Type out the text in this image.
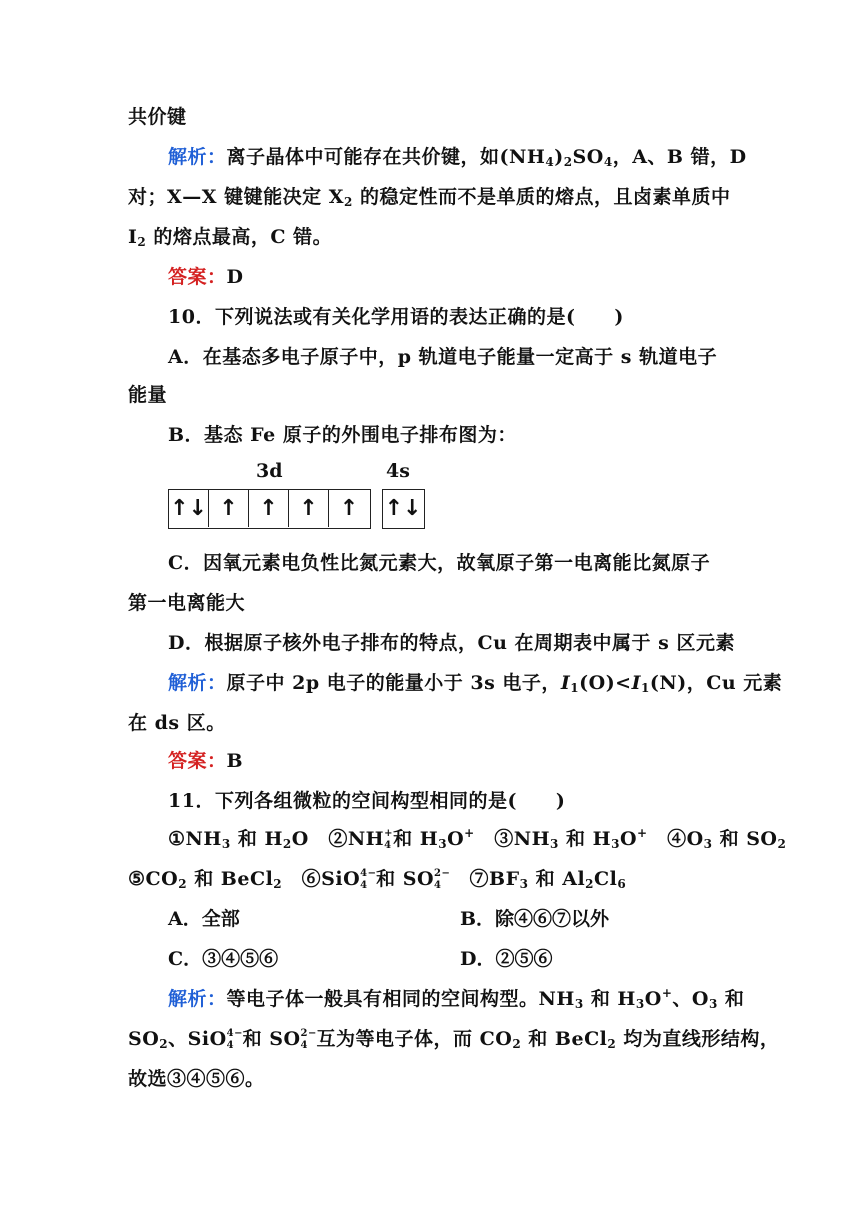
共价键
解析：离子晶体中可能存在共价键，如$(NH_4)_2SO_4$，A、B 错，D
对；X—X 键键能决定 $X_2$ 的稳定性而不是单质的熔点，且卤素单质中
$I_2$ 的熔点最高，C 错。
答案：D
10．下列说法或有关化学用语的表达正确的是(　　)
A．在基态多电子原子中，p 轨道电子能量一定高于 s 轨道电子
能量
B．基态 Fe 原子的外围电子排布图为：
3d	4s
↑↓ ↑ ↑ ↑	↑	↑↓
C．因氧元素电负性比氮元素大，故氧原子第一电离能比氮原子
第一电离能大
D．根据原子核外电子排布的特点，Cu 在周期表中属于 s 区元素
解析：原子中 2p 电子的能量小于 3s 电子，$I_1(O)<I_1(N)$，Cu 元素
在 ds 区。
答案：B
11．下列各组微粒的空间构型相同的是(　　)
$①NH_3$ 和 $H_2O$　②NH +
4 和 $H_3O^+$　$③NH_3$ 和 $H_3O^+$　$④O_3$ 和 $SO_2$
$⑤CO_2$ 和 BeCl$_2$　⑥SiO 4−
4 和 SO 2−
4 　$⑦BF_3$ 和 $Al_2Cl_6$
A．全部	B．除④⑥⑦以外
C．③④⑤⑥	D．②⑤⑥
解析：等电子体一般具有相同的空间构型。$NH_3$ 和 $H_3O^+$、$O_3$ 和
$SO_2$、SiO 4−
4 和 SO 2−
4 互为等电子体，而 $CO_2$ 和 BeCl$_2$ 均为直线形结构，
故选③④⑤⑥。
